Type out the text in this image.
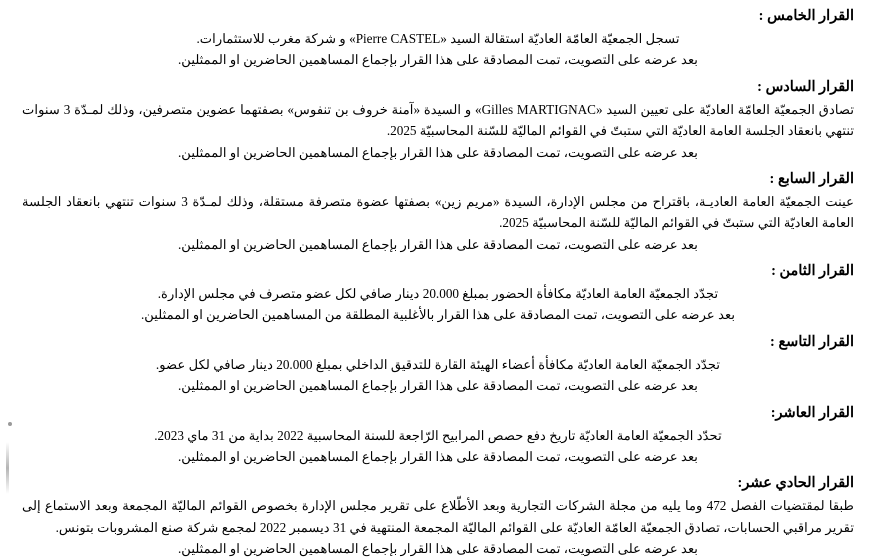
القرار الخامس :

تسجل الجمعيّة العامّة العاديّة استقالة السيد «Pierre CASTEL» و شركة مغرب للاستثمارات.

بعد عرضه على التصويت، تمت المصادقة على هذا القرار بإجماع المساهمين الحاضرين او الممثلين.

القرار السادس :

تصادق الجمعيّة العامّة العاديّة على تعيين السيد «Gilles MARTIGNAC» و السيدة «آمنة خروف بن تنفوس» بصفتهما عضوين متصرفين، وذلك لمـدّة 3 سنوات تنتهي بانعقاد الجلسة العامة العاديّة التي ستبتّ في القوائم الماليّة للسّنة المحاسبيّة 2025.

بعد عرضه على التصويت، تمت المصادقة على هذا القرار بإجماع المساهمين الحاضرين او الممثلين.

القرار السابع :

عينت الجمعيّة العامة العاديـة، باقتراح من مجلس الإدارة، السيدة «مريم زين» بصفتها عضوة متصرفة مستقلة، وذلك لمـدّة 3 سنوات تنتهي بانعقاد الجلسة العامة العاديّة التي ستبتّ في القوائم الماليّة للسّنة المحاسبيّة 2025.

بعد عرضه على التصويت، تمت المصادقة على هذا القرار بإجماع المساهمين الحاضرين او الممثلين.

القرار الثامن :

تجدّد الجمعيّة العامة العاديّة مكافأة الحضور بمبلغ 20.000 دينار صافي لكل عضو متصرف في مجلس الإدارة.

بعد عرضه على التصويت، تمت المصادقة على هذا القرار بالأغلبية المطلقة من المساهمين الحاضرين او الممثلين.

القرار التاسع :

تجدّد الجمعيّة العامة العاديّة مكافأة أعضاء الهيئة القارة للتدقيق الداخلي بمبلغ 20.000 دينار صافي لكل عضو.

بعد عرضه على التصويت، تمت المصادقة على هذا القرار بإجماع المساهمين الحاضرين او الممثلين.

القرار العاشر:

تحدّد الجمعيّة العامة العاديّة تاريخ دفع حصص المرابيح الرّاجعة للسنة المحاسبية 2022 بداية من 31 ماي 2023.

بعد عرضه على التصويت، تمت المصادقة على هذا القرار بإجماع المساهمين الحاضرين او الممثلين.

القرار الحادي عشر:

طبقا لمقتضيات الفصل 472 وما يليه من مجلة الشركات التجارية وبعد الأطّلاع على تقرير مجلس الإدارة بخصوص القوائم الماليّة المجمعة وبعد الاستماع إلى تقرير مراقبي الحسابات، تصادق الجمعيّة العامّة العاديّة على القوائم الماليّة المجمعة المنتهية في 31 ديسمبر 2022 لمجمع شركة صنع المشروبات بتونس.

بعد عرضه على التصويت، تمت المصادقة على هذا القرار بإجماع المساهمين الحاضرين او الممثلين.
